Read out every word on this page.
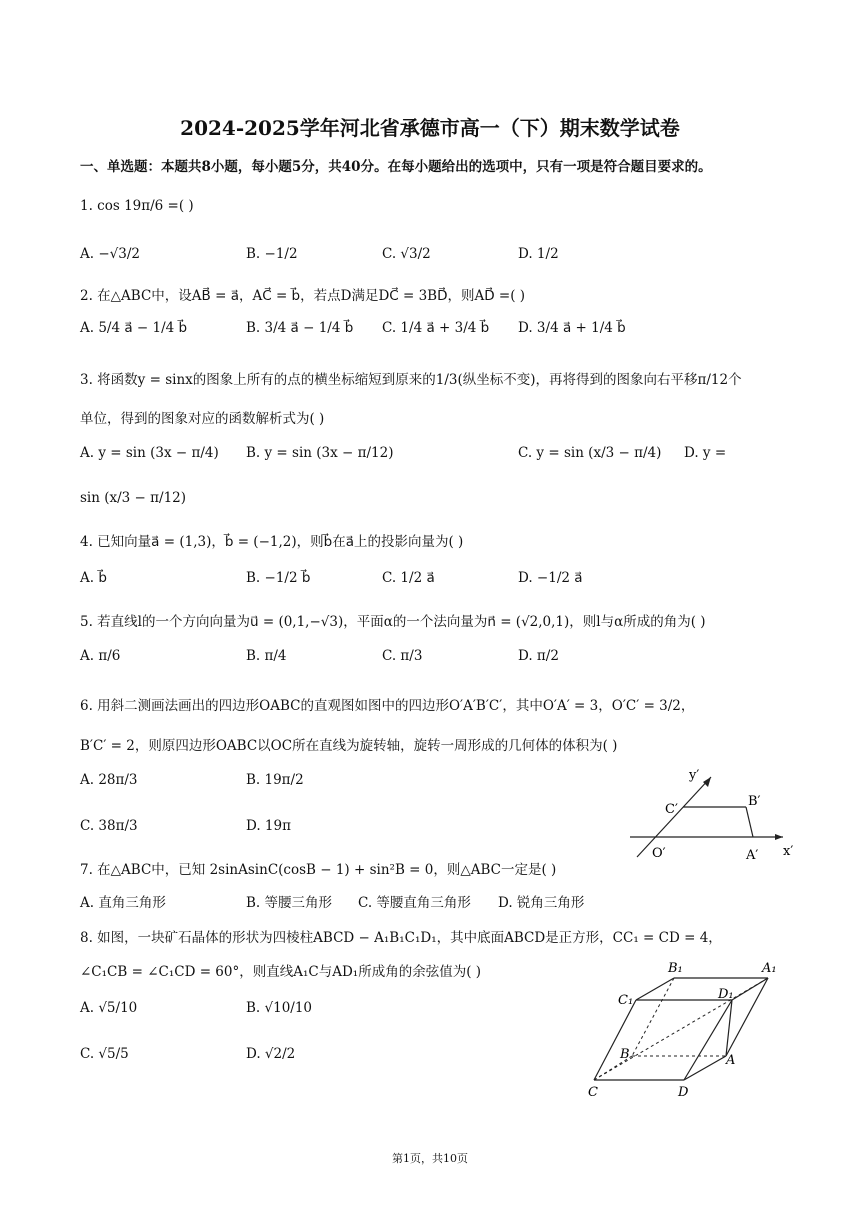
2024-2025学年河北省承德市高一（下）期末数学试卷
一、单选题：本题共8小题，每小题5分，共40分。在每小题给出的选项中，只有一项是符合题目要求的。
1. cos 19π/6 =( )
A. −√3/2	B. −1/2	C. √3/2	D. 1/2
2. 在△ABC中，设AB⃗ = a⃗，AC⃗ = b⃗，若点D满足DC⃗ = 3BD⃗，则AD⃗ =( )
A. 5/4 a⃗ − 1/4 b⃗	B. 3/4 a⃗ − 1/4 b⃗ C. 1/4 a⃗ + 3/4 b⃗ D. 3/4 a⃗ + 1/4 b⃗
3. 将函数y = sinx的图象上所有的点的横坐标缩短到原来的1/3(纵坐标不变)，再将得到的图象向右平移π/12个
单位，得到的图象对应的函数解析式为( )
A. y = sin (3x − π/4) B. y = sin (3x − π/12)	C. y = sin (x/3 − π/4) D. y =
sin (x/3 − π/12)
4. 已知向量a⃗ = (1,3)，b⃗ = (−1,2)，则b⃗在a⃗上的投影向量为( )
A. b⃗	B. −1/2 b⃗	C. 1/2 a⃗	D. −1/2 a⃗
5. 若直线l的一个方向向量为u⃗ = (0,1,−√3)，平面α的一个法向量为n⃗ = (√2,0,1)，则l与α所成的角为( )
A. π/6	B. π/4	C. π/3	D. π/2
6. 用斜二测画法画出的四边形OABC的直观图如图中的四边形O′A′B′C′，其中O′A′ = 3，O′C′ = 3/2，
B′C′ = 2，则原四边形OABC以OC所在直线为旋转轴，旋转一周形成的几何体的体积为( )
A. 28π/3	B. 19π/2
C. 38π/3	D. 19π
y′
x′
O′	A′
B′
C′
7. 在△ABC中，已知 2sinAsinC(cosB − 1) + sin²B = 0，则△ABC一定是( )
A. 直角三角形	B. 等腰三角形 C. 等腰直角三角形 D. 锐角三角形
8. 如图，一块矿石晶体的形状为四棱柱ABCD − A₁B₁C₁D₁，其中底面ABCD是正方形，CC₁ = CD = 4，
∠C₁CB = ∠C₁CD = 60°，则直线A₁C与AD₁所成角的余弦值为( )
A. √5/10	B. √10/10
C. √5/5	D. √2/2
B₁	A₁
C₁	D₁
B	A
C	D
第1页，共10页
